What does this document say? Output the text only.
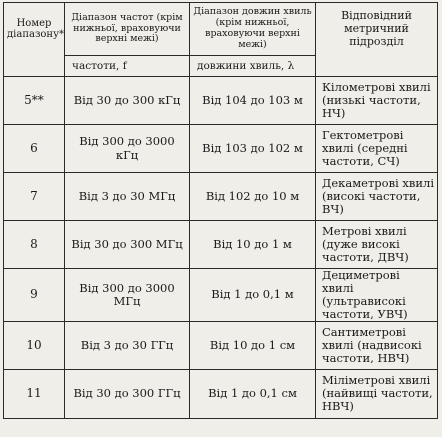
Номер діапазону*	Діапазон частот (крім нижньої, враховуючи верхні межі)	Діапазон довжин хвиль (крім нижньої, враховуючи верхні межі)	Відповідний метричний підрозділ
	частоти, f	довжини хвиль, λ	
5**	Від 30 до 300 кГц	Від 104 до 103 м	Кілометрові хвилі (низькі частоти, НЧ)
6	Від 300 до 3000 кГц	Від 103 до 102 м	Гектометрові хвилі (середні частоти, СЧ)
7	Від 3 до 30 МГц	Від 102 до 10 м	Декаметрові хвилі (високі частоти, ВЧ)
8	Від 30 до 300 МГц	Від 10 до 1 м	Метрові хвилі (дуже високі частоти, ДВЧ)
9	Від 300 до 3000 МГц	Від 1 до 0,1 м	Дециметрові хвилі (ультрависокі частоти, УВЧ)
10	Від 3 до 30 ГГц	Від 10 до 1 см	Сантиметрові хвилі (надвисокі частоти, НВЧ)
11	Від 30 до 300 ГГц	Від 1 до 0,1 см	Міліметрові хвилі (найвищі частоти, НВЧ)
